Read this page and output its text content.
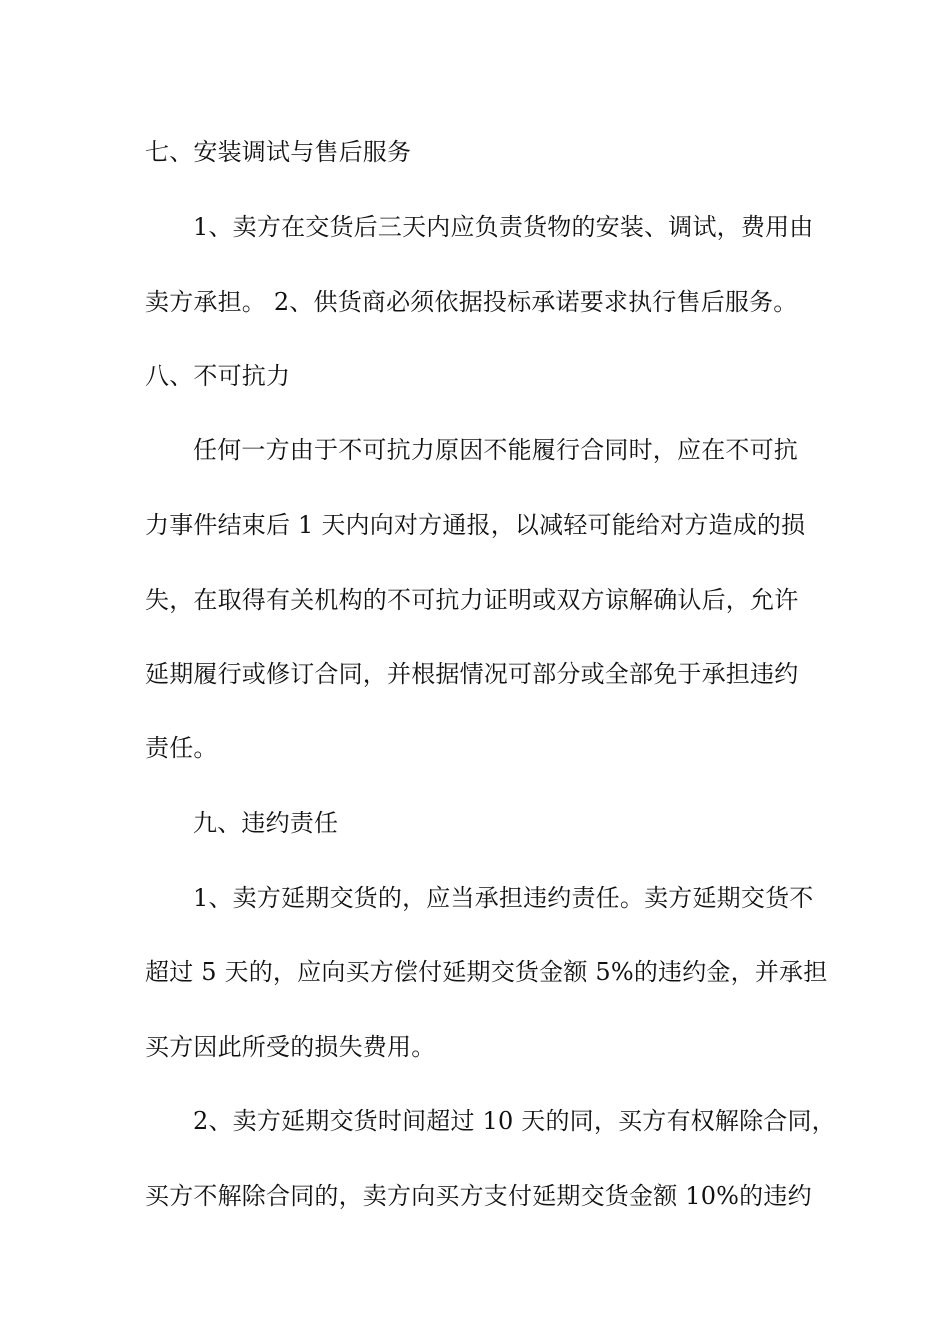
七、安装调试与售后服务
1、卖方在交货后三天内应负责货物的安装、调试，费用由
卖方承担。 2、供货商必须依据投标承诺要求执行售后服务。
八、不可抗力
任何一方由于不可抗力原因不能履行合同时，应在不可抗
力事件结束后 1 天内向对方通报，以减轻可能给对方造成的损
失，在取得有关机构的不可抗力证明或双方谅解确认后，允许
延期履行或修订合同，并根据情况可部分或全部免于承担违约
责任。
九、违约责任
1、卖方延期交货的，应当承担违约责任。卖方延期交货不
超过 5 天的，应向买方偿付延期交货金额 5%的违约金，并承担
买方因此所受的损失费用。
2、卖方延期交货时间超过 10 天的同，买方有权解除合同，
买方不解除合同的，卖方向买方支付延期交货金额 10%的违约
